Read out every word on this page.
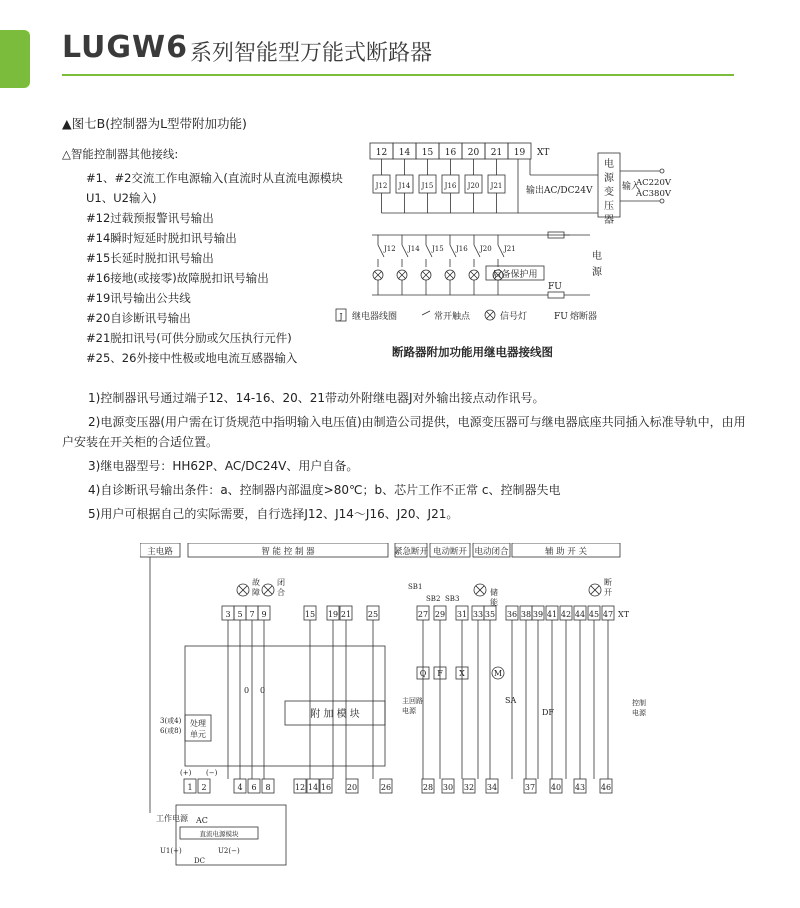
LUGW6 系列智能型万能式断路器
▲图七B(控制器为L型带附加功能)
△智能控制器其他接线:
#1、#2交流工作电源输入(直流时从直流电源模块
U1、U2输入)
#12过载预报警讯号输出
#14瞬时短延时脱扣讯号输出
#15长延时脱扣讯号输出
#16接地(或接零)故障脱扣讯号输出
#19讯号输出公共线
#20自诊断讯号输出
#21脱扣讯号(可供分励或欠压执行元件)
#25、26外接中性极或地电流互感器输入
12 14 15 16 20 21 19 XT
J12 J14 J15 J16 J20 J21	输出AC/DC24V
电
源
变
压
器
输入
AC220V
AC380V
J12 J14 J15 J16 J20 J21
后备保护用
FU
电
源
J 继电器线圈	常开触点	信号灯	FU 熔断器
断路器附加功能用继电器接线图
1)控制器讯号通过端子12、14-16、20、21带动外附继电器J对外输出接点动作讯号。
2)电源变压器(用户需在订货规范中指明输入电压值)由制造公司提供，电源变压器可与继电器底座共同插入标准导轨中，由用
户安装在开关柜的合适位置。
3)继电器型号：HH62P、AC/DC24V、用户自备。
4)自诊断讯号输出条件：a、控制器内部温度>80℃；b、芯片工作不正常 c、控制器失电
5)用户可根据自己的实际需要，自行选择J12、J14～J16、J20、J21。
主电路	智 能 控 制 器	紧急断开 电动断开 电动闭合	辅 助 开 关
故
障
闭
合	储
能
断
开
3 5 7 9	15 19 21 25	27 29 31 33 35 36 38 39 41 42 44 45 47 XT
附 加 模 块
处理
单元
3(或4)
6(或8)
0 0
Q F X	M
主回路
电源
控制
电源
SA
DF
SB1
SB2 SB3
1 2	4 6 8	12 14 16 20	26	28 30 32 34	37 40 43 46
(+) (−)
工作电源 AC
直流电源模块
U1(+)	U2(−)
DC
